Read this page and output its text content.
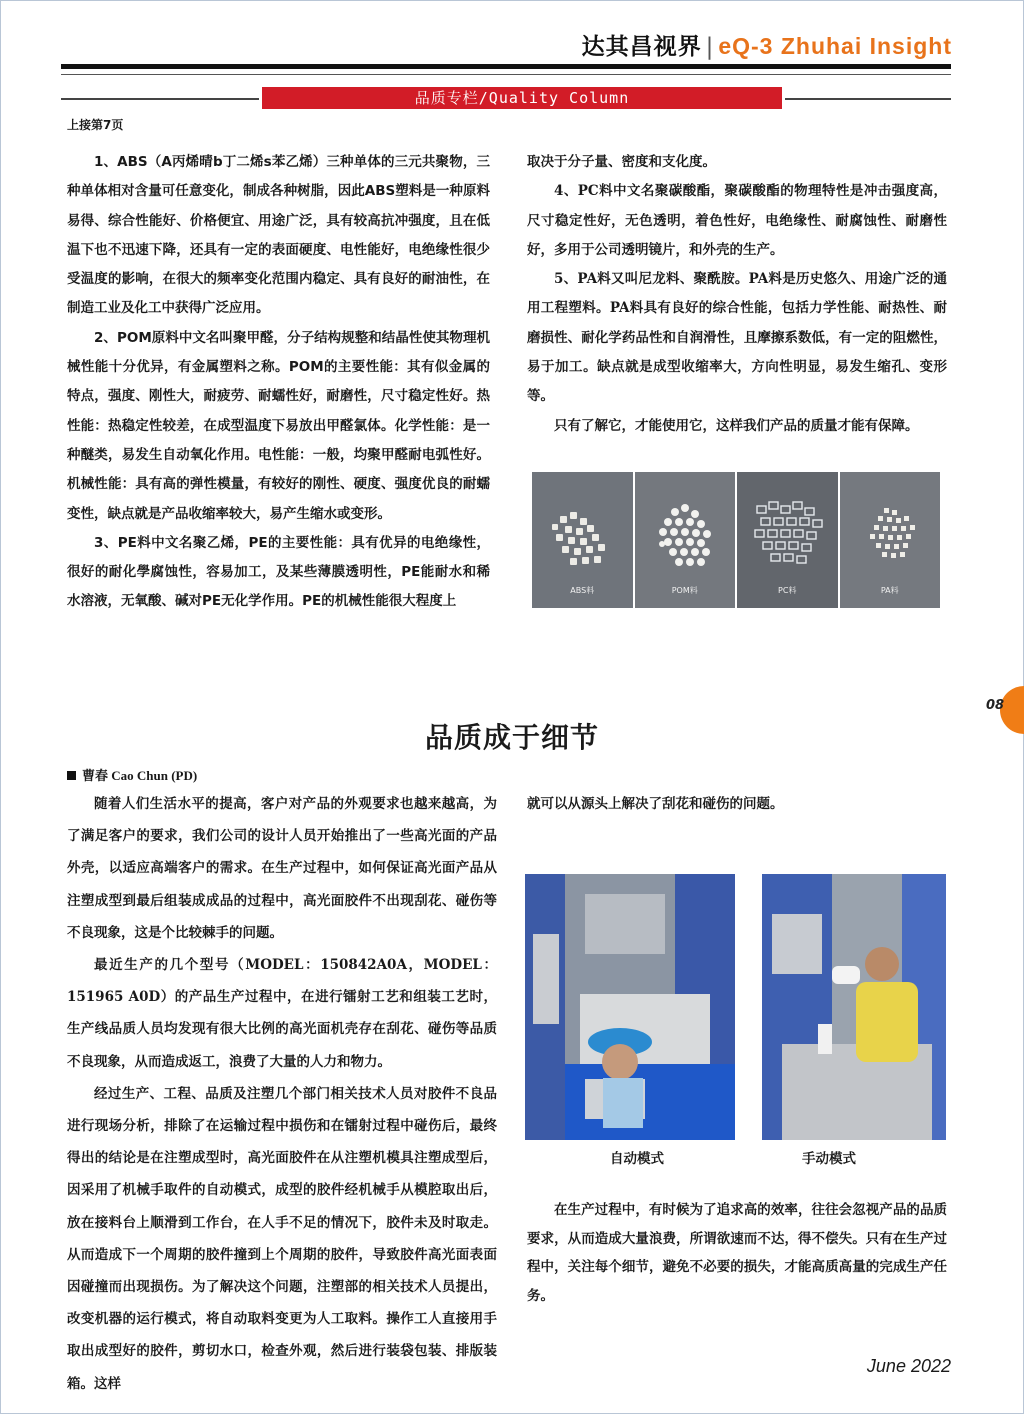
达其昌视界 | eQ-3 Zhuhai Insight
品质专栏/Quality Column
上接第7页

1、ABS（A丙烯晴b丁二烯s苯乙烯）三种单体的三元共聚物，三种单体相对含量可任意变化，制成各种树脂，因此ABS塑料是一种原料易得、综合性能好、价格便宜、用途广泛，具有较高抗冲强度，且在低温下也不迅速下降，还具有一定的表面硬度、电性能好，电绝缘性很少受温度的影响，在很大的频率变化范围内稳定、具有良好的耐油性，在制造工业及化工中获得广泛应用。

2、POM原料中文名叫聚甲醛，分子结构规整和结晶性使其物理机械性能十分优异，有金属塑料之称。POM的主要性能：其有似金属的特点，强度、刚性大，耐疲劳、耐蠕性好，耐磨性，尺寸稳定性好。热性能：热稳定性较差，在成型温度下易放出甲醛氯体。化学性能：是一种醚类，易发生自动氧化作用。电性能：一般，均聚甲醛耐电弧性好。机械性能：具有高的弹性模量，有较好的刚性、硬度、强度优良的耐蠕变性，缺点就是产品收缩率较大，易产生缩水或变形。

3、PE料中文名聚乙烯，PE的主要性能：具有优异的电绝缘性，很好的耐化學腐蚀性，容易加工，及某些薄膜透明性，PE能耐水和稀水溶液，无氧酸、碱对PE无化学作用。PE的机械性能很大程度上

取决于分子量、密度和支化度。

4、PC料中文名聚碳酸酯，聚碳酸酯的物理特性是冲击强度高，尺寸稳定性好，无色透明，着色性好，电绝缘性、耐腐蚀性、耐磨性好，多用于公司透明镜片，和外壳的生产。

5、PA料又叫尼龙料、聚酰胺。PA料是历史悠久、用途广泛的通用工程塑料。PA料具有良好的综合性能，包括力学性能、耐热性、耐磨损性、耐化学药品性和自润滑性，且摩擦系数低，有一定的阻燃性，易于加工。缺点就是成型收缩率大，方向性明显，易发生缩孔、变形等。

只有了解它，才能使用它，这样我们产品的质量才能有保障。

ABS料	POM料	PC料	PA料
08
品质成于细节
曹春 Cao Chun (PD)

随着人们生活水平的提高，客户对产品的外观要求也越来越高，为了满足客户的要求，我们公司的设计人员开始推出了一些高光面的产品外壳，以适应高端客户的需求。在生产过程中，如何保证高光面产品从注塑成型到最后组装成成品的过程中，高光面胶件不出现刮花、碰伤等不良现象，这是个比较棘手的问题。

最近生产的几个型号（MODEL：150842A0A，MODEL：151965 A0D）的产品生产过程中，在进行镭射工艺和组装工艺时，生产线品质人员均发现有很大比例的高光面机壳存在刮花、碰伤等品质不良现象，从而造成返工，浪费了大量的人力和物力。

经过生产、工程、品质及注塑几个部门相关技术人员对胶件不良品进行现场分析，排除了在运输过程中损伤和在镭射过程中碰伤后，最终得出的结论是在注塑成型时，高光面胶件在从注塑机模具注塑成型后，因采用了机械手取件的自动模式，成型的胶件经机械手从模腔取出后，放在接料台上顺滑到工作台，在人手不足的情况下，胶件未及时取走。从而造成下一个周期的胶件撞到上个周期的胶件，导致胶件高光面表面因碰撞而出现损伤。为了解决这个问题，注塑部的相关技术人员提出，改变机器的运行模式，将自动取料变更为人工取料。操作工人直接用手取出成型好的胶件，剪切水口，检查外观，然后进行装袋包装、排版装箱。这样

就可以从源头上解决了刮花和碰伤的问题。

自动模式	手动模式

在生产过程中，有时候为了追求高的效率，往往会忽视产品的品质要求，从而造成大量浪费，所谓欲速而不达，得不偿失。只有在生产过程中，关注每个细节，避免不必要的损失，才能高质高量的完成生产任务。

June 2022
